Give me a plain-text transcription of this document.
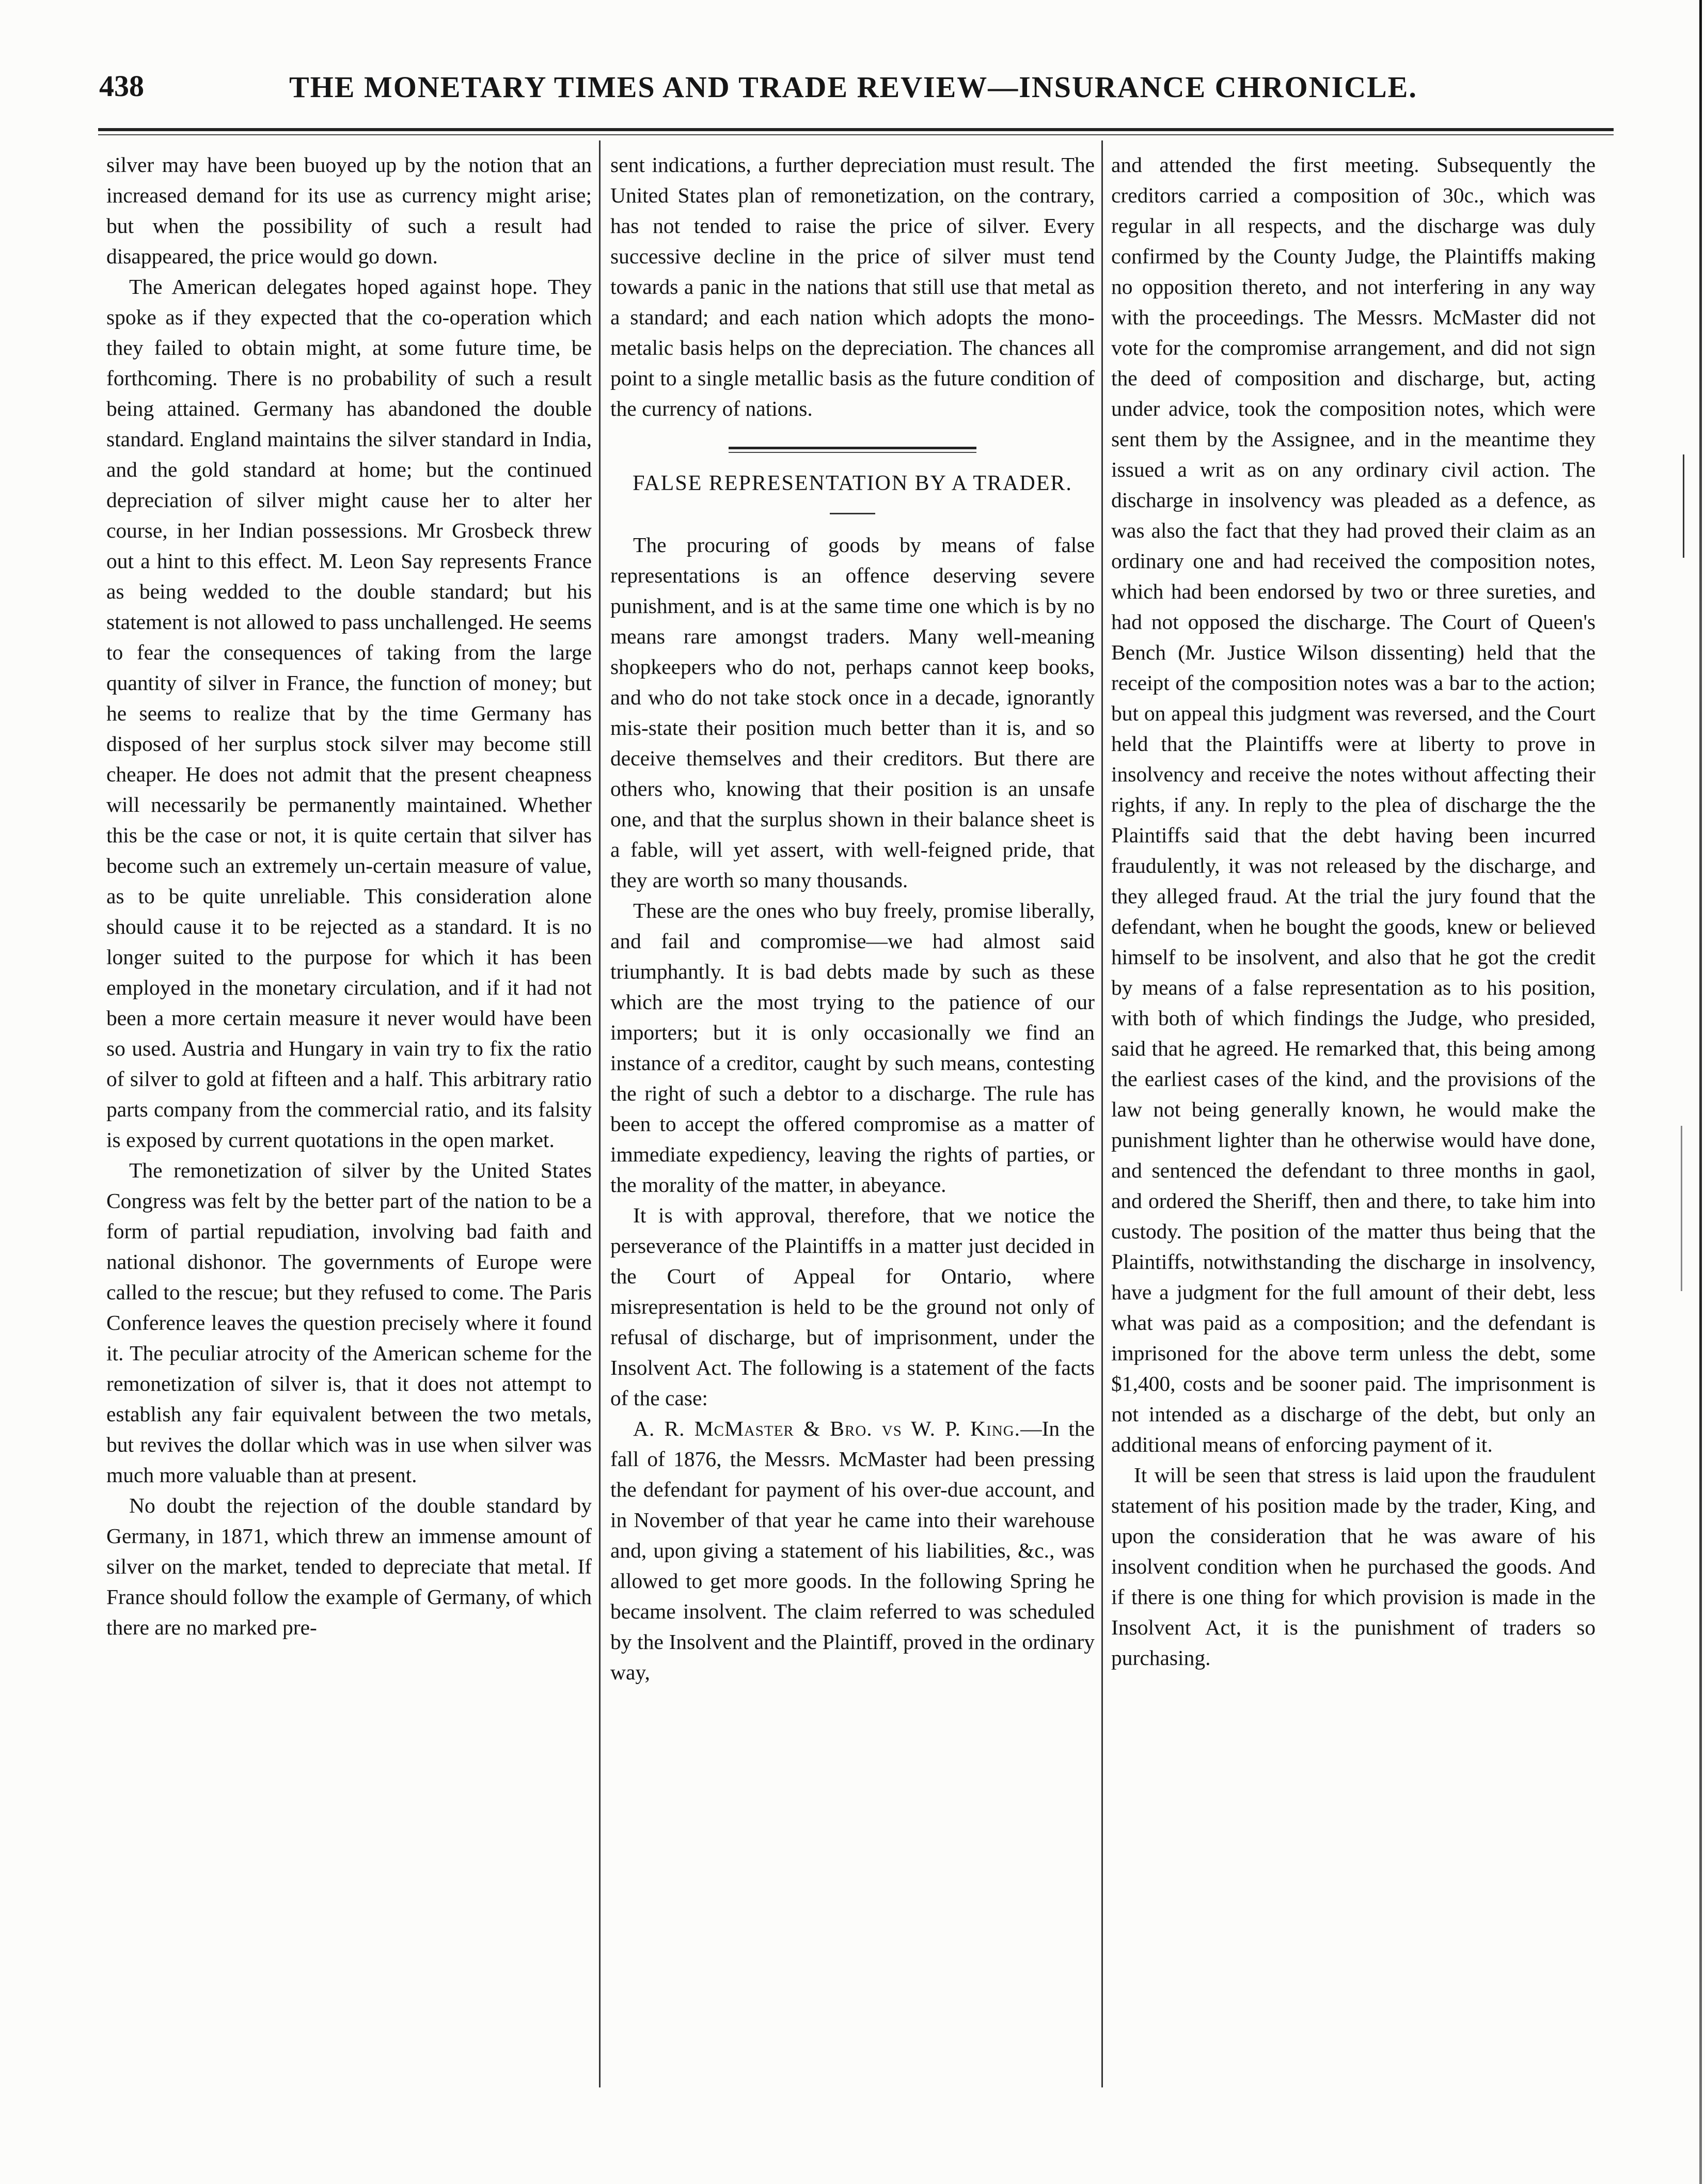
438	THE MONETARY TIMES AND TRADE REVIEW—INSURANCE CHRONICLE.

silver may have been buoyed up by the notion that an increased demand for its use as currency might arise; but when the possibility of such a result had disappeared, the price would go down.

The American delegates hoped against hope. They spoke as if they expected that the co-operation which they failed to obtain might, at some future time, be forthcoming. There is no probability of such a result being attained. Germany has abandoned the double standard. England maintains the silver standard in India, and the gold standard at home; but the continued depreciation of silver might cause her to alter her course, in her Indian possessions. Mr Grosbeck threw out a hint to this effect. M. Leon Say represents France as being wedded to the double standard; but his statement is not allowed to pass unchallenged. He seems to fear the consequences of taking from the large quantity of silver in France, the function of money; but he seems to realize that by the time Germany has disposed of her surplus stock silver may become still cheaper. He does not admit that the present cheapness will necessarily be permanently maintained. Whether this be the case or not, it is quite certain that silver has become such an extremely un-certain measure of value, as to be quite unreliable. This consideration alone should cause it to be rejected as a standard. It is no longer suited to the purpose for which it has been employed in the monetary circulation, and if it had not been a more certain measure it never would have been so used. Austria and Hungary in vain try to fix the ratio of silver to gold at fifteen and a half. This arbitrary ratio parts company from the commercial ratio, and its falsity is exposed by current quotations in the open market.

The remonetization of silver by the United States Congress was felt by the better part of the nation to be a form of partial repudiation, involving bad faith and national dishonor. The governments of Europe were called to the rescue; but they refused to come. The Paris Conference leaves the question precisely where it found it. The peculiar atrocity of the American scheme for the remonetization of silver is, that it does not attempt to establish any fair equivalent between the two metals, but revives the dollar which was in use when silver was much more valuable than at present.

No doubt the rejection of the double standard by Germany, in 1871, which threw an immense amount of silver on the market, tended to depreciate that metal. If France should follow the example of Germany, of which there are no marked pre-

sent indications, a further depreciation must result. The United States plan of remonetization, on the contrary, has not tended to raise the price of silver. Every successive decline in the price of silver must tend towards a panic in the nations that still use that metal as a standard; and each nation which adopts the mono-metalic basis helps on the depreciation. The chances all point to a single metallic basis as the future condition of the currency of nations.

FALSE REPRESENTATION BY A TRADER.

The procuring of goods by means of false representations is an offence deserving severe punishment, and is at the same time one which is by no means rare amongst traders. Many well-meaning shopkeepers who do not, perhaps cannot keep books, and who do not take stock once in a decade, ignorantly mis-state their position much better than it is, and so deceive themselves and their creditors. But there are others who, knowing that their position is an unsafe one, and that the surplus shown in their balance sheet is a fable, will yet assert, with well-feigned pride, that they are worth so many thousands.

These are the ones who buy freely, promise liberally, and fail and compromise—we had almost said triumphantly. It is bad debts made by such as these which are the most trying to the patience of our importers; but it is only occasionally we find an instance of a creditor, caught by such means, contesting the right of such a debtor to a discharge. The rule has been to accept the offered compromise as a matter of immediate expediency, leaving the rights of parties, or the morality of the matter, in abeyance.

It is with approval, therefore, that we notice the perseverance of the Plaintiffs in a matter just decided in the Court of Appeal for Ontario, where misrepresentation is held to be the ground not only of refusal of discharge, but of imprisonment, under the Insolvent Act. The following is a statement of the facts of the case:

A. R. McMaster & Bro. vs W. P. King.—In the fall of 1876, the Messrs. McMaster had been pressing the defendant for payment of his over-due account, and in November of that year he came into their warehouse and, upon giving a statement of his liabilities, &c., was allowed to get more goods. In the following Spring he became insolvent. The claim referred to was scheduled by the Insolvent and the Plaintiff, proved in the ordinary way,

and attended the first meeting. Subsequently the creditors carried a composition of 30c., which was regular in all respects, and the discharge was duly confirmed by the County Judge, the Plaintiffs making no opposition thereto, and not interfering in any way with the proceedings. The Messrs. McMaster did not vote for the compromise arrangement, and did not sign the deed of composition and discharge, but, acting under advice, took the composition notes, which were sent them by the Assignee, and in the meantime they issued a writ as on any ordinary civil action. The discharge in insolvency was pleaded as a defence, as was also the fact that they had proved their claim as an ordinary one and had received the composition notes, which had been endorsed by two or three sureties, and had not opposed the discharge. The Court of Queen's Bench (Mr. Justice Wilson dissenting) held that the receipt of the composition notes was a bar to the action; but on appeal this judgment was reversed, and the Court held that the Plaintiffs were at liberty to prove in insolvency and receive the notes without affecting their rights, if any. In reply to the plea of discharge the the Plaintiffs said that the debt having been incurred fraudulently, it was not released by the discharge, and they alleged fraud. At the trial the jury found that the defendant, when he bought the goods, knew or believed himself to be insolvent, and also that he got the credit by means of a false representation as to his position, with both of which findings the Judge, who presided, said that he agreed. He remarked that, this being among the earliest cases of the kind, and the provisions of the law not being generally known, he would make the punishment lighter than he otherwise would have done, and sentenced the defendant to three months in gaol, and ordered the Sheriff, then and there, to take him into custody. The position of the matter thus being that the Plaintiffs, notwithstanding the discharge in insolvency, have a judgment for the full amount of their debt, less what was paid as a composition; and the defendant is imprisoned for the above term unless the debt, some $1,400, costs and be sooner paid. The imprisonment is not intended as a discharge of the debt, but only an additional means of enforcing payment of it.

It will be seen that stress is laid upon the fraudulent statement of his position made by the trader, King, and upon the consideration that he was aware of his insolvent condition when he purchased the goods. And if there is one thing for which provision is made in the Insolvent Act, it is the punishment of traders so purchasing.
